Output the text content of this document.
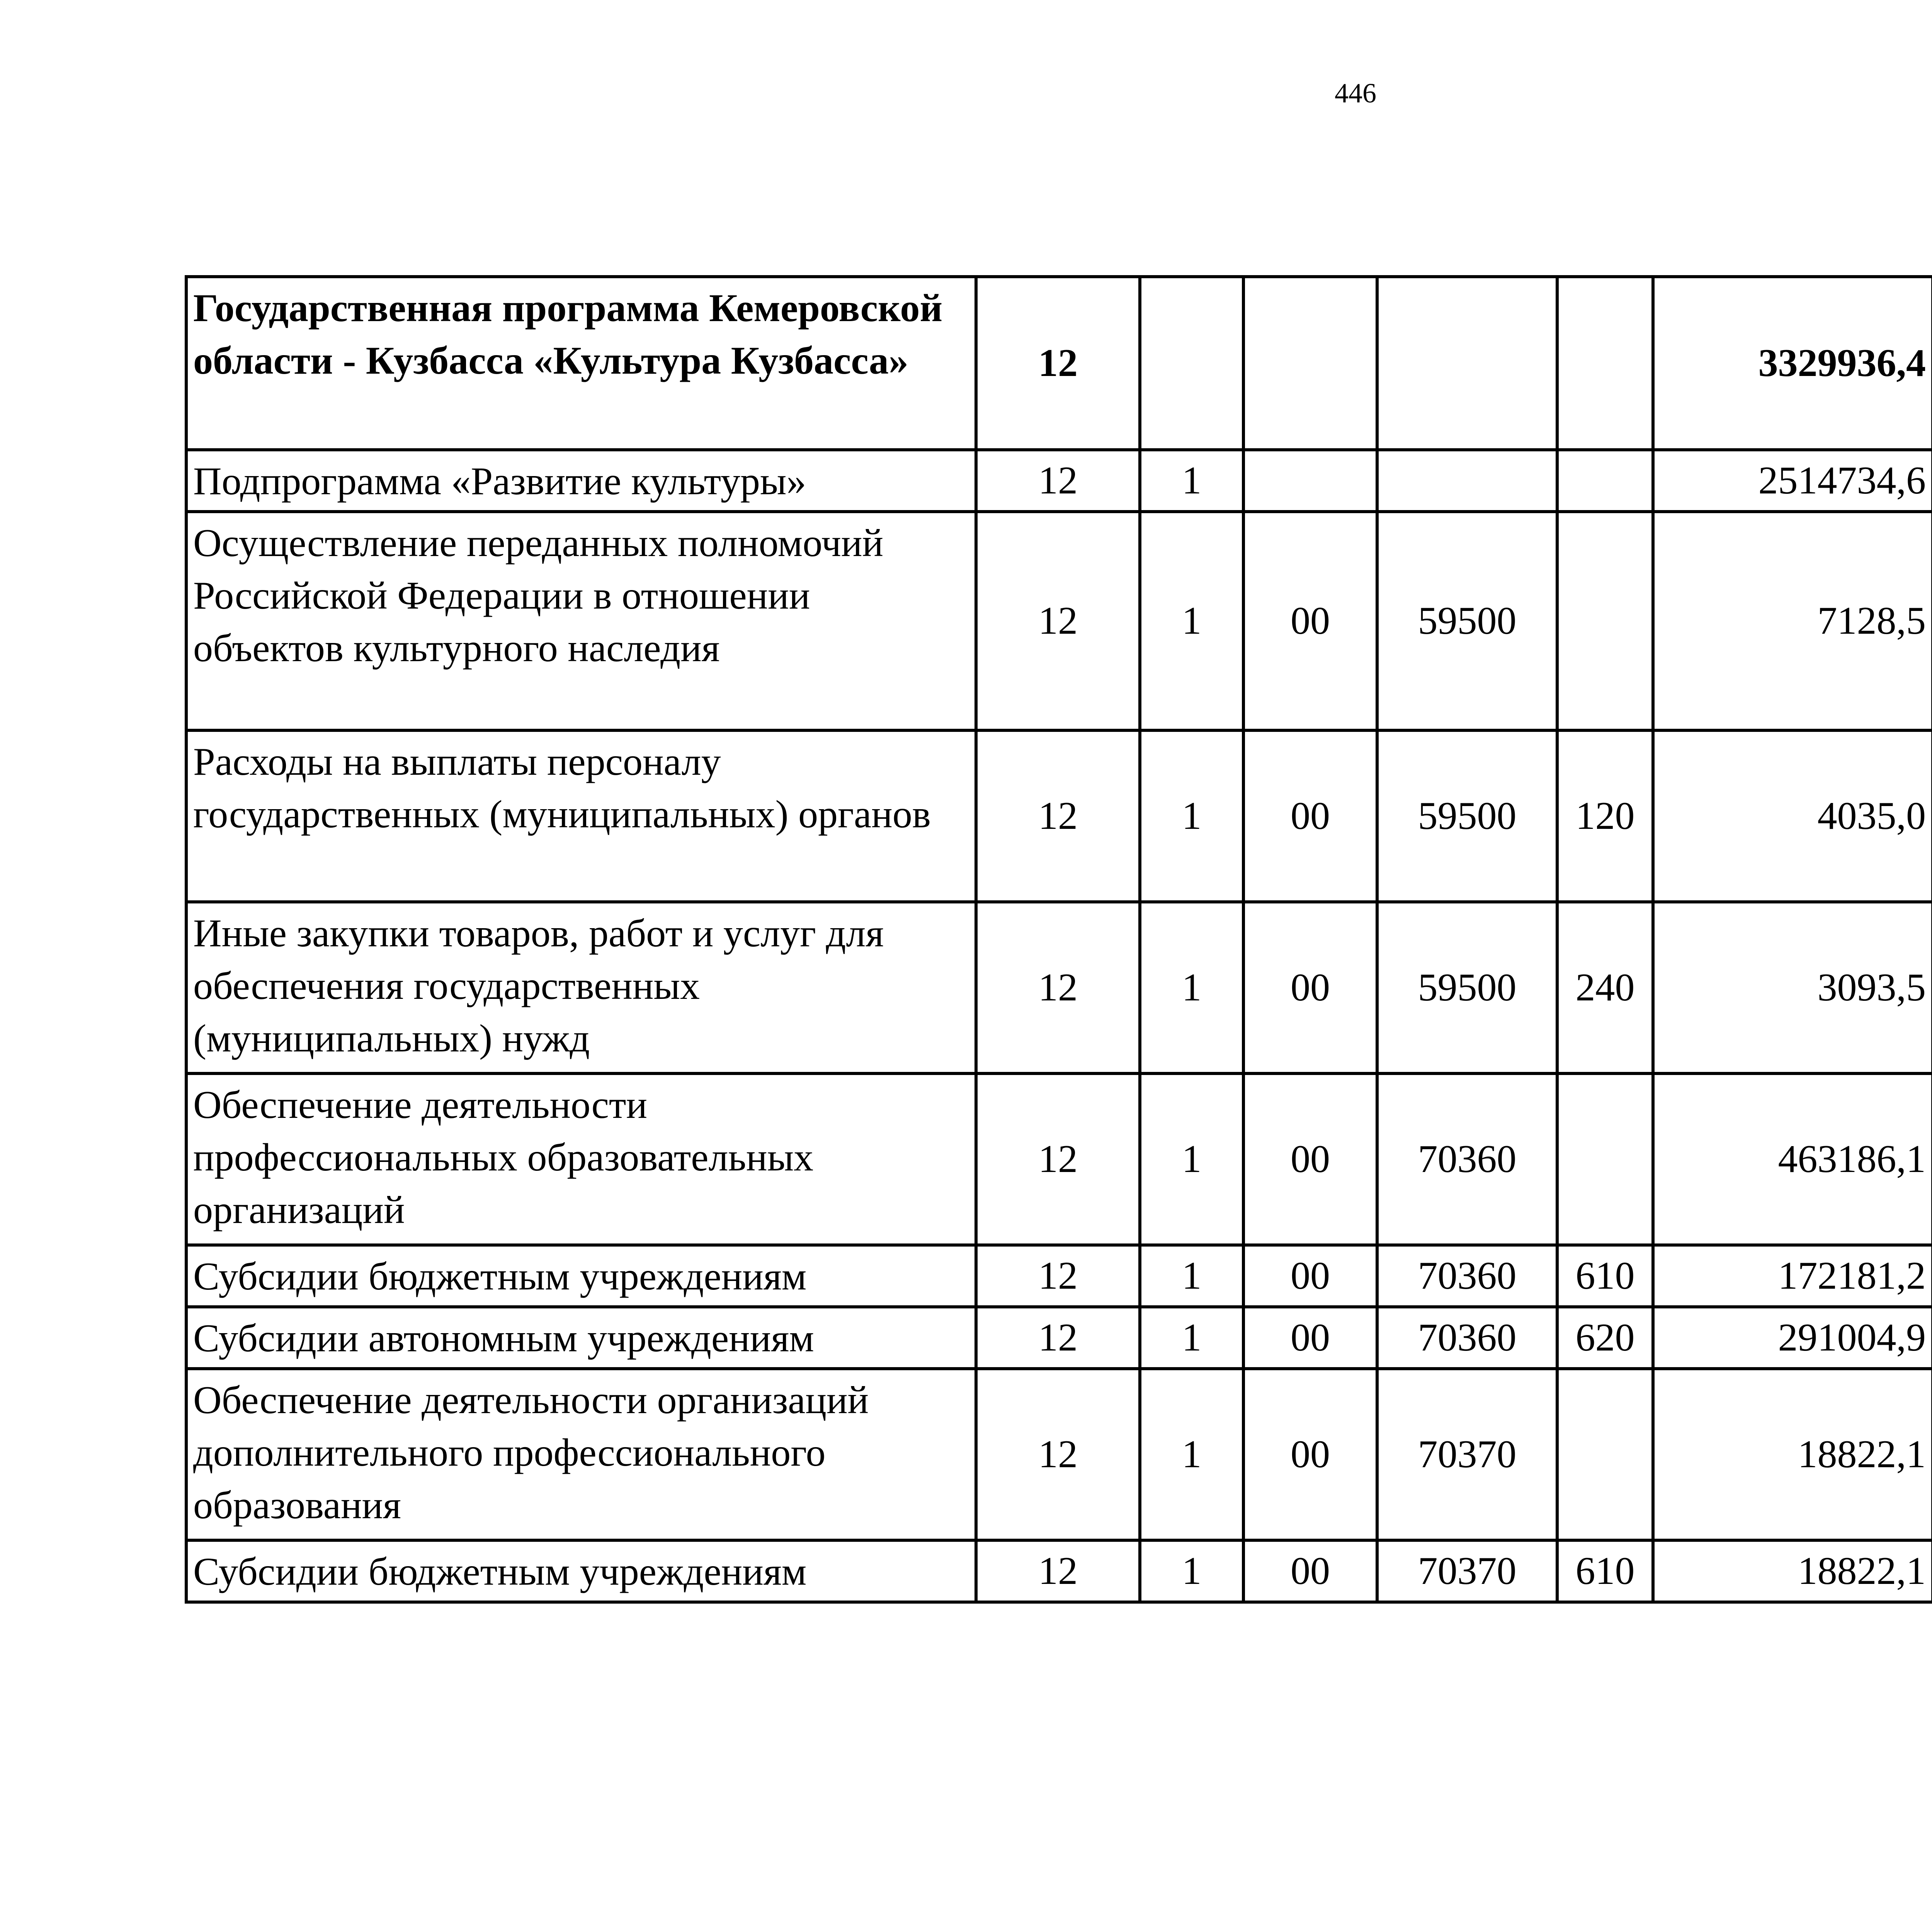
446
Государственная программа Кемеровской области - Кузбасса «Культура Кузбасса»	12					3329936,4		
Подпрограмма «Развитие культуры»	12	1				2514734,6		
Осуществление переданных полномочий Российской Федерации в отношении объектов культурного наследия	12	1	00	59500		7128,5		
Расходы на выплаты персоналу государственных (муниципальных) органов	12	1	00	59500	120	4035,0		
Иные закупки товаров, работ и услуг для обеспечения государственных (муниципальных) нужд	12	1	00	59500	240	3093,5		
Обеспечение деятельности профессиональных образовательных организаций	12	1	00	70360		463186,1		
Субсидии бюджетным учреждениям	12	1	00	70360	610	172181,2		
Субсидии автономным учреждениям	12	1	00	70360	620	291004,9		
Обеспечение деятельности организаций дополнительного профессионального образования	12	1	00	70370		18822,1		
Субсидии бюджетным учреждениям	12	1	00	70370	610	18822,1		
